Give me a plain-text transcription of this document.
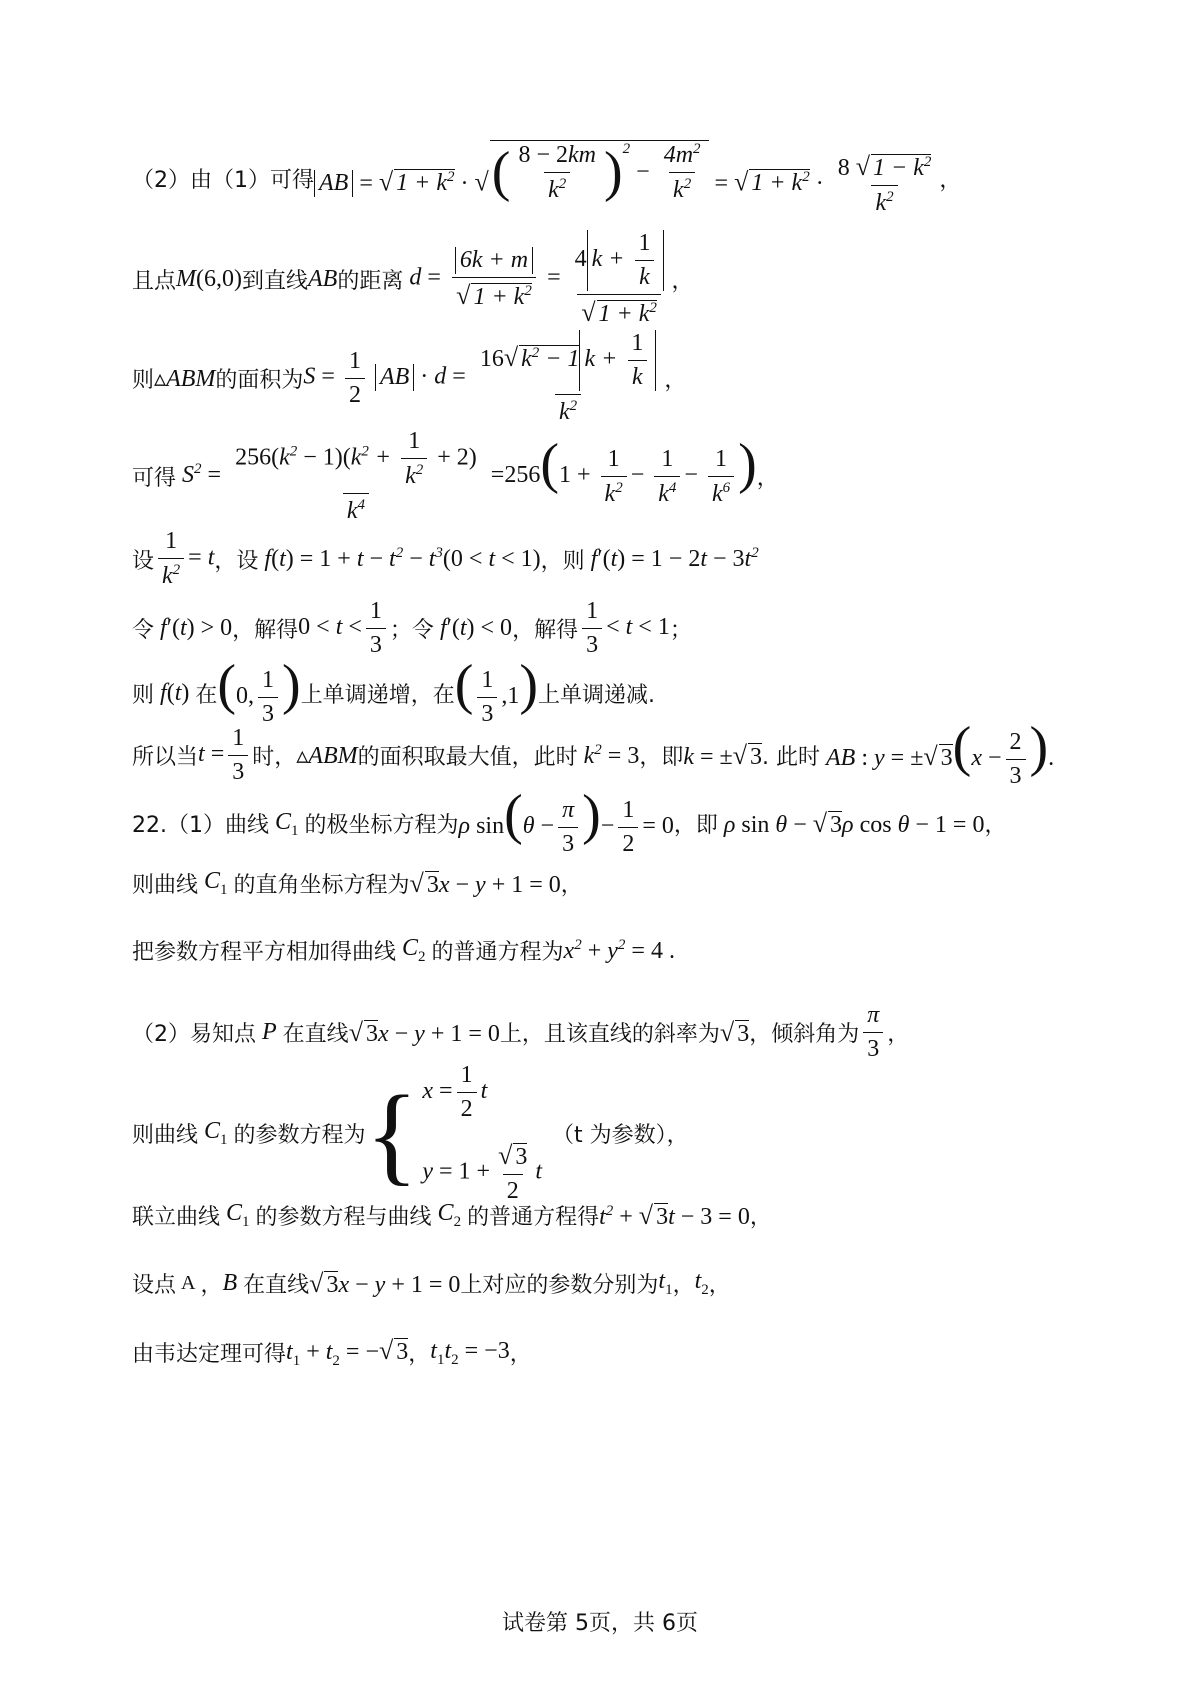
（2）由（1）可得 AB = √ $1 + k^2$ · √ ( $\frac{8 - 2km}{k^2} )^2$
− $\frac{4m^2}{k^2}$ = √ $1 + k^2 \cdot \frac{8 √ 1 - k^2}{k^2}$ ，
且点 M(6,0) 到直线 AB 的距离 $d = \frac{6k + m}{√ 1 + k^2} = \frac{4 k + \frac{1}{k}}{√ 1 + k^2}$ ，
则 ▵ABM 的面积为 $S = \frac{1}{2}$ AB · $d = \frac{16√ k^2 - 1 k + \frac{1}{k}}{k^2}$ ，
可得 $S^2 = \frac{256(k^2 - 1)(k^2 + \frac{1}{k^2} + 2)}{k^4} =256(1 + \frac{1}{k^2} - \frac{1}{k^4} - \frac{1}{k^6}$ ) ，
设 $\frac{1}{k^2} = t$ ，设 $f(t) = 1 + t - t^2 - t^3(0 < t < 1)$ ，则 $f'(t) = 1 - 2t - 3t^2$
令 f′(t) > 0 ，解得 $0 < t < \frac{1}{3}$ ；令 f′(t) < 0 ，解得 $\frac{1}{3} < t < 1$ ；
则 f(t) 在 (0, $\frac{1}{3}$ ) 上单调递增，在 ( $\frac{1}{3} ,1$) 上单调递减.
所以当 $t = \frac{1}{3}$ 时， ▵ABM 的面积取最大值，此时 $k^2 = 3$ ，即 k = ±√ 3 . 此时 AB : y = ±√ $3(x - \frac{2}{3}$ ).
22.（1）曲线 $C_1$ 的极坐标方程为 ρ $\sin(\theta - \frac{\pi}{3}$ )− $\frac{1}{2} = 0$ ，即 ρ sin θ − √ 3ρ cos θ − 1 = 0 ，
则曲线 $C_1$ 的直角坐标方程为 √ 3x − y + 1 = 0 ，
把参数方程平方相加得曲线 $C_2$ 的普通方程为 $x^2 + y^2 = 4$ .
（2）易知点 P 在直线 √ 3x − y + 1 = 0 上，且该直线的斜率为 √ 3 ，倾斜角为 $\frac{\pi}{3}$ ，
则曲线 $C_1$ 的参数方程为 { $x = \frac{1}{2}$ t
$y = 1 + \frac{√ 3}{2}$ t
（t 为参数），
联立曲线 $C_1$ 的参数方程与曲线 $C_2$ 的普通方程得 $t^2$ + √ 3t − 3 = 0 ，
设点 A ， B 在直线 √ 3x − y + 1 = 0 上对应的参数分别为 $t_1$ ， $t_2$ ，
由韦达定理可得 $t_1 + t_2$ = −√ 3 ， $t_1t_2 = -3$ ，
试卷第 5页，共 6页
